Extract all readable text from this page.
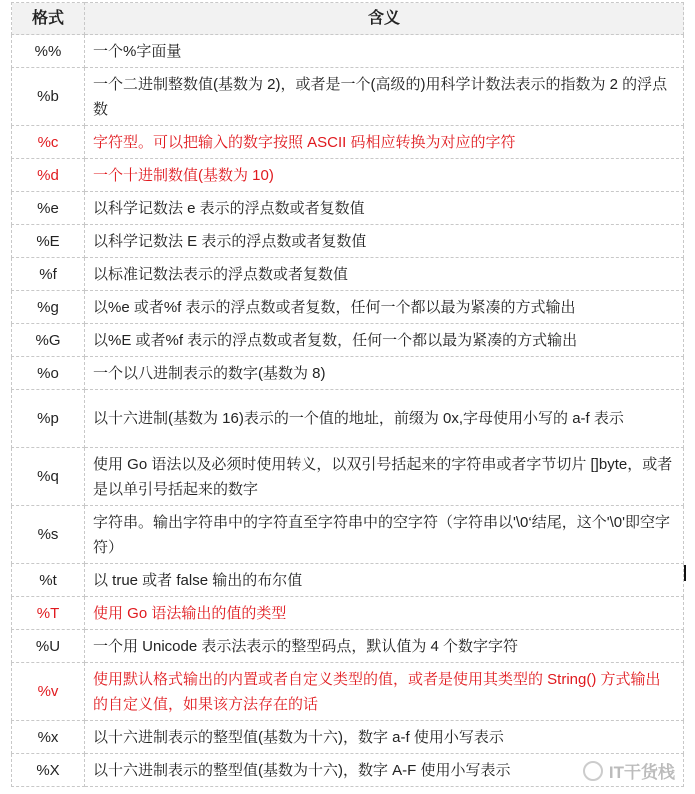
格式	含义
%%	一个%字面量
%b	一个二进制整数值(基数为 2)，或者是一个(高级的)用科学计数法表示的指数为 2 的浮点数
%c	字符型。可以把输入的数字按照 ASCII 码相应转换为对应的字符
%d	一个十进制数值(基数为 10)
%e	以科学记数法 e 表示的浮点数或者复数值
%E	以科学记数法 E 表示的浮点数或者复数值
%f	以标准记数法表示的浮点数或者复数值
%g	以%e 或者%f 表示的浮点数或者复数，任何一个都以最为紧凑的方式输出
%G	以%E 或者%f 表示的浮点数或者复数，任何一个都以最为紧凑的方式输出
%o	一个以八进制表示的数字(基数为 8)
%p	以十六进制(基数为 16)表示的一个值的地址，前缀为 0x,字母使用小写的 a-f 表示
%q	使用 Go 语法以及必须时使用转义，以双引号括起来的字符串或者字节切片 []byte，或者是以单引号括起来的数字
%s	字符串。输出字符串中的字符直至字符串中的空字符（字符串以'\0‘结尾，这个'\0'即空字符）
%t	以 true 或者 false 输出的布尔值
%T	使用 Go 语法输出的值的类型
%U	一个用 Unicode 表示法表示的整型码点，默认值为 4 个数字字符
%v	使用默认格式输出的内置或者自定义类型的值，或者是使用其类型的 String() 方式输出的自定义值，如果该方法存在的话
%x	以十六进制表示的整型值(基数为十六)，数字 a-f 使用小写表示
%X	以十六进制表示的整型值(基数为十六)，数字 A-F 使用小写表示	IT干货栈
